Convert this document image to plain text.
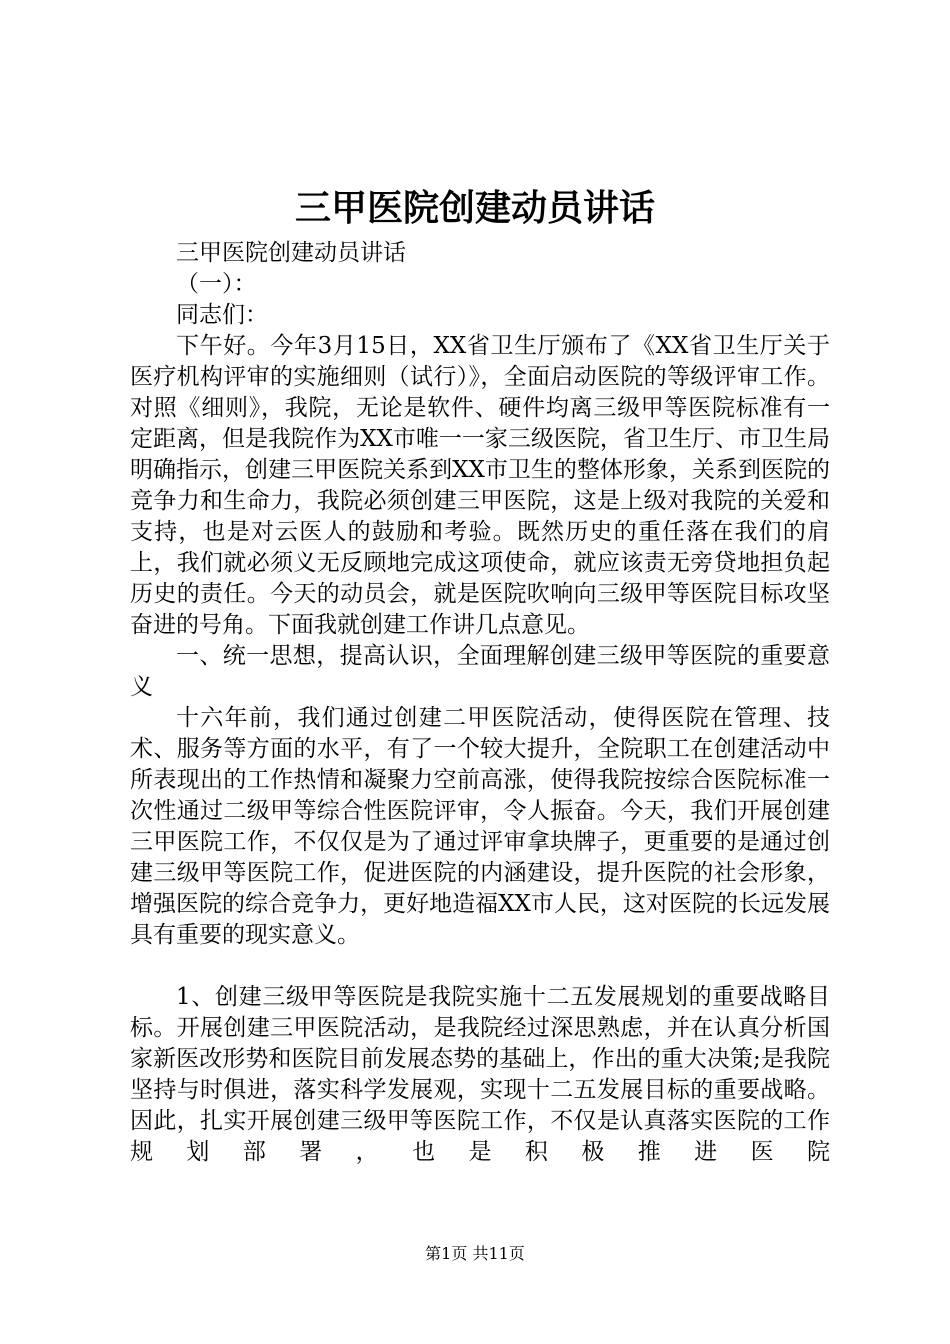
三甲医院创建动员讲话

三甲医院创建动员讲话

（一）：

同志们：

下午好。今年3月15日，XX省卫生厅颁布了《XX省卫生厅关于医疗机构评审的实施细则（试行）》，全面启动医院的等级评审工作。对照《细则》，我院，无论是软件、硬件均离三级甲等医院标准有一定距离，但是我院作为XX市唯一一家三级医院，省卫生厅、市卫生局明确指示，创建三甲医院关系到XX市卫生的整体形象，关系到医院的竞争力和生命力，我院必须创建三甲医院，这是上级对我院的关爱和支持，也是对云医人的鼓励和考验。既然历史的重任落在我们的肩上，我们就必须义无反顾地完成这项使命，就应该责无旁贷地担负起历史的责任。今天的动员会，就是医院吹响向三级甲等医院目标攻坚奋进的号角。下面我就创建工作讲几点意见。

一、统一思想，提高认识，全面理解创建三级甲等医院的重要意义

十六年前，我们通过创建二甲医院活动，使得医院在管理、技术、服务等方面的水平，有了一个较大提升，全院职工在创建活动中所表现出的工作热情和凝聚力空前高涨，使得我院按综合医院标准一次性通过二级甲等综合性医院评审，令人振奋。今天，我们开展创建三甲医院工作，不仅仅是为了通过评审拿块牌子，更重要的是通过创建三级甲等医院工作，促进医院的内涵建设，提升医院的社会形象，增强医院的综合竞争力，更好地造福XX市人民，这对医院的长远发展具有重要的现实意义。

1、创建三级甲等医院是我院实施十二五发展规划的重要战略目标。开展创建三甲医院活动，是我院经过深思熟虑，并在认真分析国家新医改形势和医院目前发展态势的基础上，作出的重大决策;是我院坚持与时俱进，落实科学发展观，实现十二五发展目标的重要战略。因此，扎实开展创建三级甲等医院工作，不仅是认真落实医院的工作规划部署，也是积极推进医院

第1页 共11页
